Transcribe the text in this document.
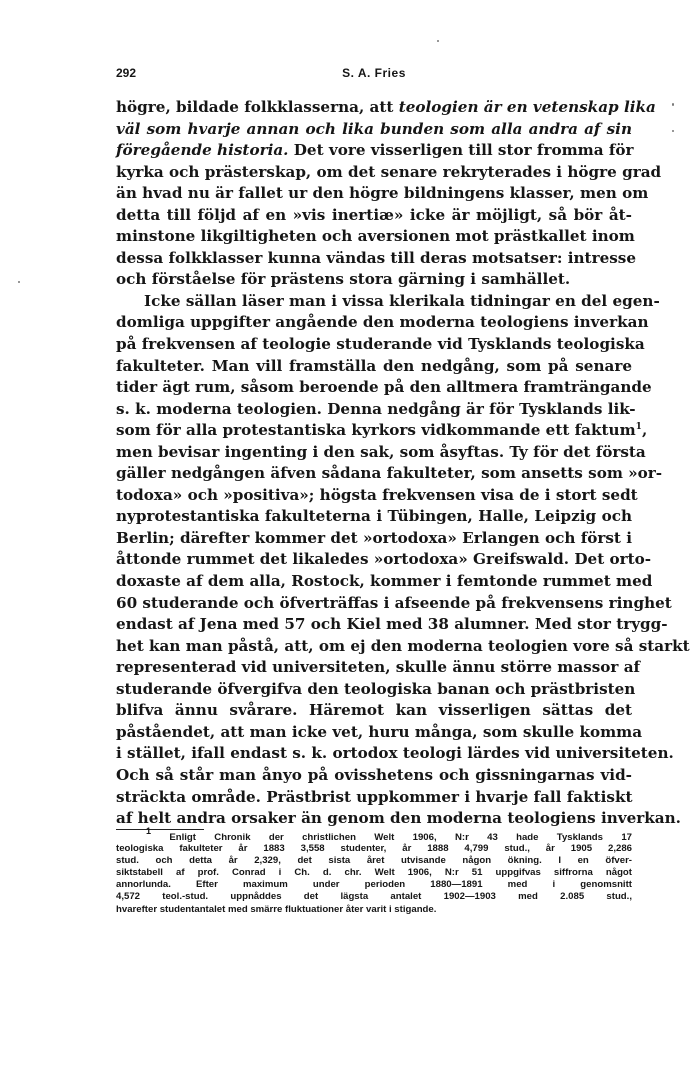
292	S. A. Fries
högre, bildade folkklasserna, att teologien är en vetenskap lika
väl som hvarje annan och lika bunden som alla andra af sin
föregående historia. Det vore visserligen till stor fromma för
kyrka och prästerskap, om det senare rekryterades i högre grad
än hvad nu är fallet ur den högre bildningens klasser, men om
detta till följd af en »vis inertiæ» icke är möjligt, så bör åt-
minstone likgiltigheten och aversionen mot prästkallet inom
dessa folkklasser kunna vändas till deras motsatser: intresse
och förståelse för prästens stora gärning i samhället.
Icke sällan läser man i vissa klerikala tidningar en del egen-
domliga uppgifter angående den moderna teologiens inverkan
på frekvensen af teologie studerande vid Tysklands teologiska
fakulteter. Man vill framställa den nedgång, som på senare
tider ägt rum, såsom beroende på den alltmera framträngande
s. k. moderna teologien. Denna nedgång är för Tysklands lik-
som för alla protestantiska kyrkors vidkommande ett faktum$^1$,
men bevisar ingenting i den sak, som åsyftas. Ty för det första
gäller nedgången äfven sådana fakulteter, som ansetts som »or-
todoxa» och »positiva»; högsta frekvensen visa de i stort sedt
nyprotestantiska fakulteterna i Tübingen, Halle, Leipzig och
Berlin; därefter kommer det »ortodoxa» Erlangen och först i
åttonde rummet det likaledes »ortodoxa» Greifswald. Det orto-
doxaste af dem alla, Rostock, kommer i femtonde rummet med
60 studerande och öfverträffas i afseende på frekvensens ringhet
endast af Jena med 57 och Kiel med 38 alumner. Med stor trygg-
het kan man påstå, att, om ej den moderna teologien vore så starkt
representerad vid universiteten, skulle ännu större massor af
studerande öfvergifva den teologiska banan och prästbristen
blifva ännu svårare. Häremot kan visserligen sättas det
påståendet, att man icke vet, huru många, som skulle komma
i stället, ifall endast s. k. ortodox teologi lärdes vid universiteten.
Och så står man ånyo på ovisshetens och gissningarnas vid-
sträckta område. Prästbrist uppkommer i hvarje fall faktiskt
af helt andra orsaker än genom den moderna teologiens inverkan.
$^1$ Enligt Chronik der christlichen Welt 1906, N:r 43 hade Tysklands 17
teologiska fakulteter år 1883 3,558 studenter, år 1888 4,799 stud., år 1905 2,286
stud. och detta år 2,329, det sista året utvisande någon ökning. I en öfver-
siktstabell af prof. Conrad i Ch. d. chr. Welt 1906, N:r 51 uppgifvas siffrorna något
annorlunda. Efter maximum under perioden 1880—1891 med i genomsnitt
4,572 teol.-stud. uppnåddes det lägsta antalet 1902—1903 med 2.085 stud.,
hvarefter studentantalet med smärre fluktuationer åter varit i stigande.
